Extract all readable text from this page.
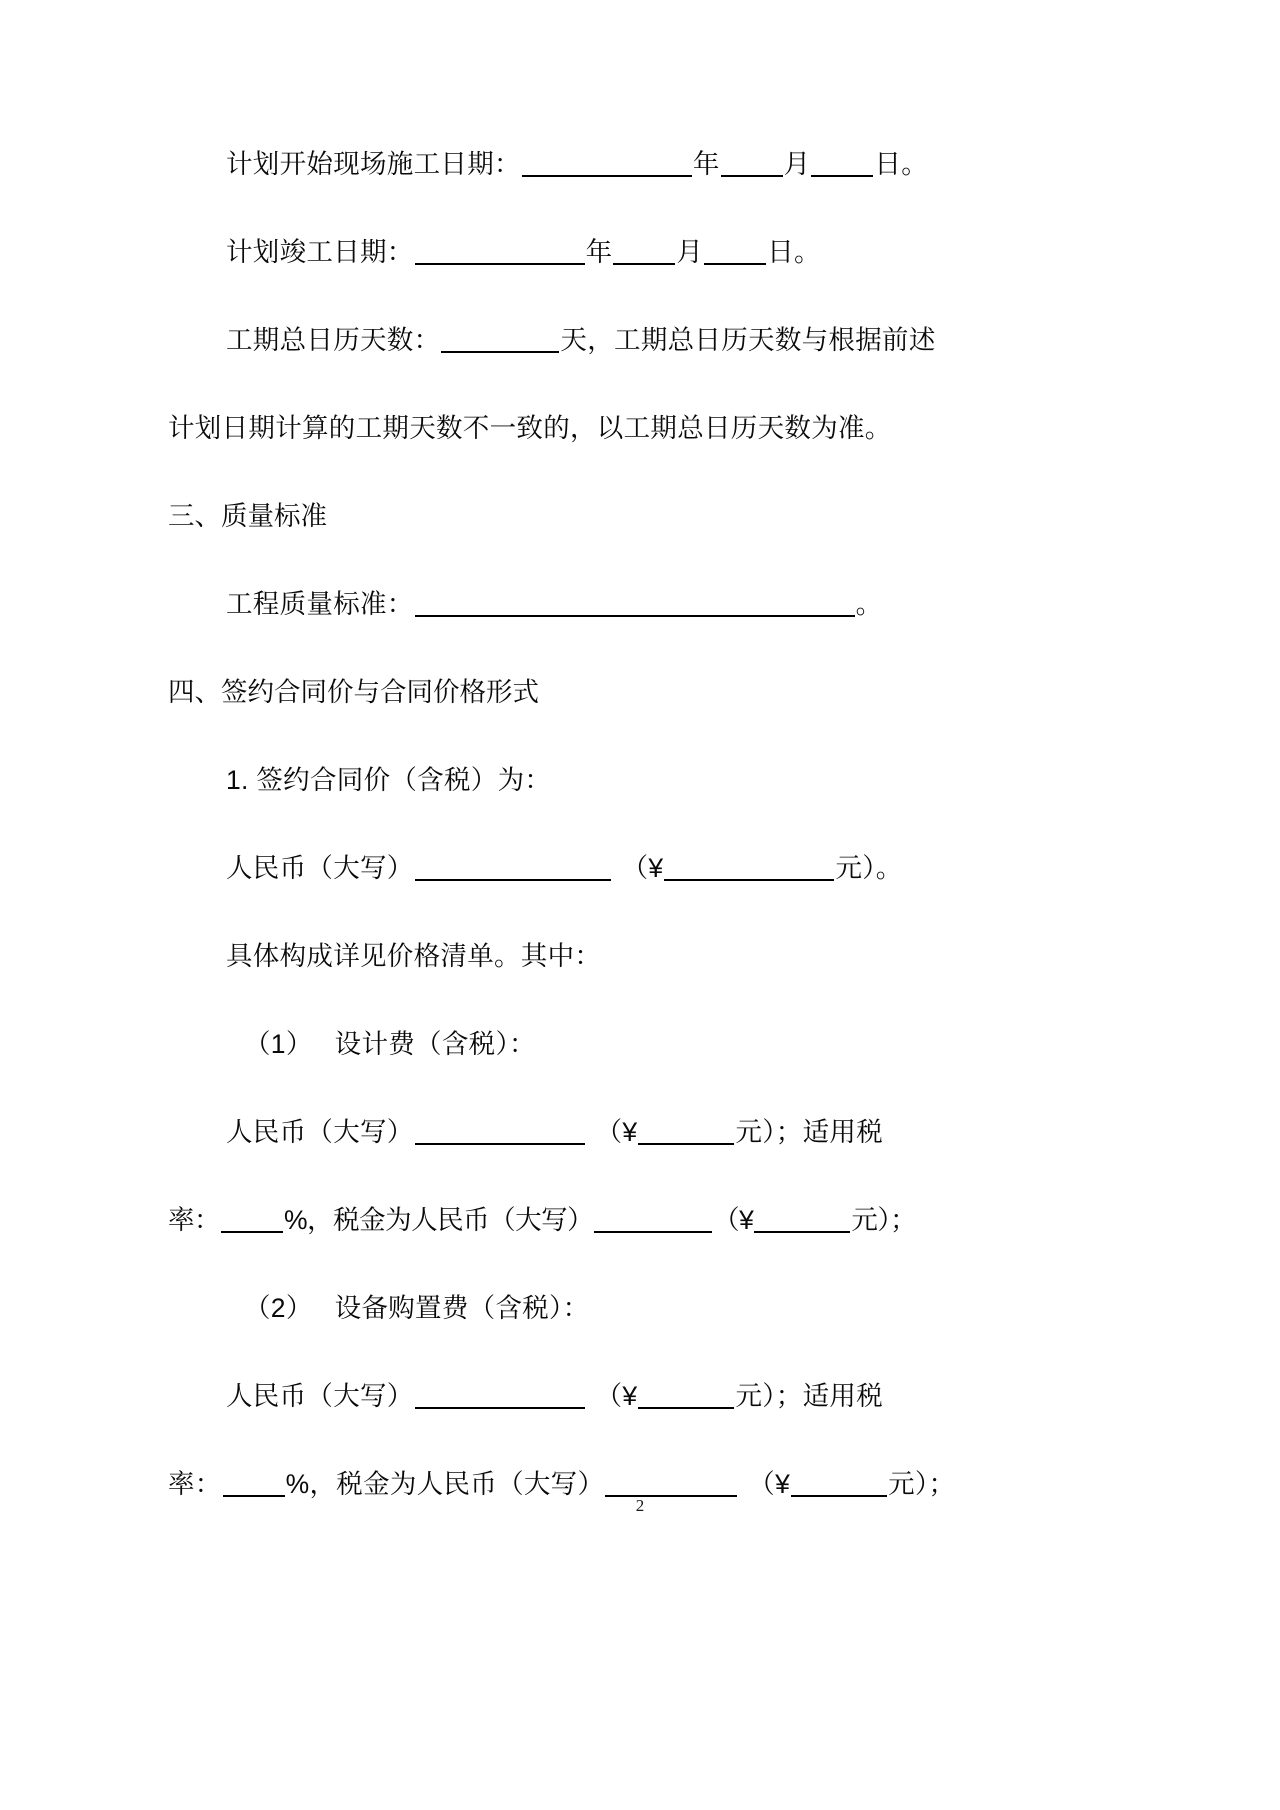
计划开始现场施工日期：	年 月 日。
计划竣工日期：	年 月 日。
工期总日历天数：	天，工期总日历天数与根据前述
计划日期计算的工期天数不一致的，以工期总日历天数为准。
三、质量标准
工程质量标准：	。
四、签约合同价与合同价格形式
1. 签约合同价（含税）为：
人民币（大写）	（¥	元）。
具体构成详见价格清单。其中：
（1） 设计费（含税）：
人民币（大写）	（¥	元）；适用税
率： %，税金为人民币（大写）	（¥	元）；
（2） 设备购置费（含税）：
人民币（大写）	（¥	元）；适用税
率： %，税金为人民币（大写）	（¥	元）；
2
